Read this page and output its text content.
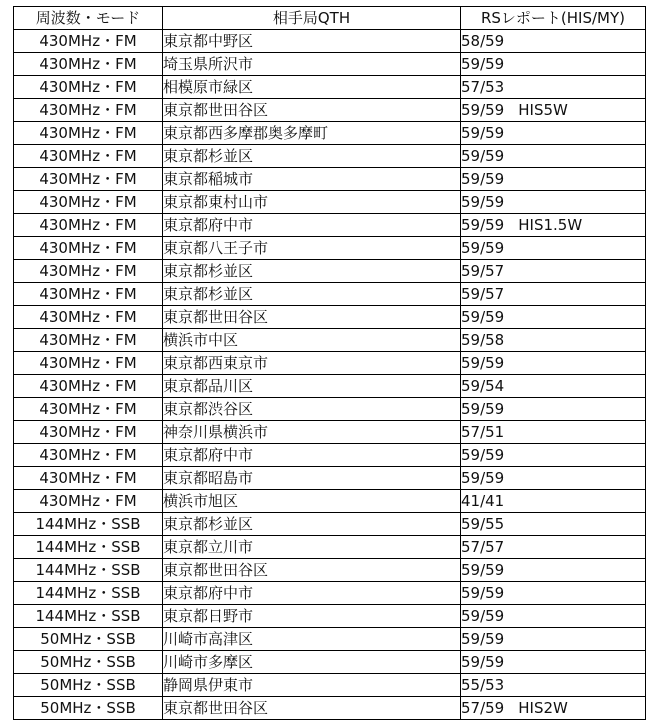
周波数・モード	相手局QTH	RSレポート(HIS/MY)
430MHz・FM	東京都中野区	58/59
430MHz・FM	埼玉県所沢市	59/59
430MHz・FM	相模原市緑区	57/53
430MHz・FM	東京都世田谷区	59/59 HIS5W
430MHz・FM	東京都西多摩郡奥多摩町	59/59
430MHz・FM	東京都杉並区	59/59
430MHz・FM	東京都稲城市	59/59
430MHz・FM	東京都東村山市	59/59
430MHz・FM	東京都府中市	59/59 HIS1.5W
430MHz・FM	東京都八王子市	59/59
430MHz・FM	東京都杉並区	59/57
430MHz・FM	東京都杉並区	59/57
430MHz・FM	東京都世田谷区	59/59
430MHz・FM	横浜市中区	59/58
430MHz・FM	東京都西東京市	59/59
430MHz・FM	東京都品川区	59/54
430MHz・FM	東京都渋谷区	59/59
430MHz・FM	神奈川県横浜市	57/51
430MHz・FM	東京都府中市	59/59
430MHz・FM	東京都昭島市	59/59
430MHz・FM	横浜市旭区	41/41
144MHz・SSB	東京都杉並区	59/55
144MHz・SSB	東京都立川市	57/57
144MHz・SSB	東京都世田谷区	59/59
144MHz・SSB	東京都府中市	59/59
144MHz・SSB	東京都日野市	59/59
50MHz・SSB	川崎市高津区	59/59
50MHz・SSB	川崎市多摩区	59/59
50MHz・SSB	静岡県伊東市	55/53
50MHz・SSB	東京都世田谷区	57/59 HIS2W
